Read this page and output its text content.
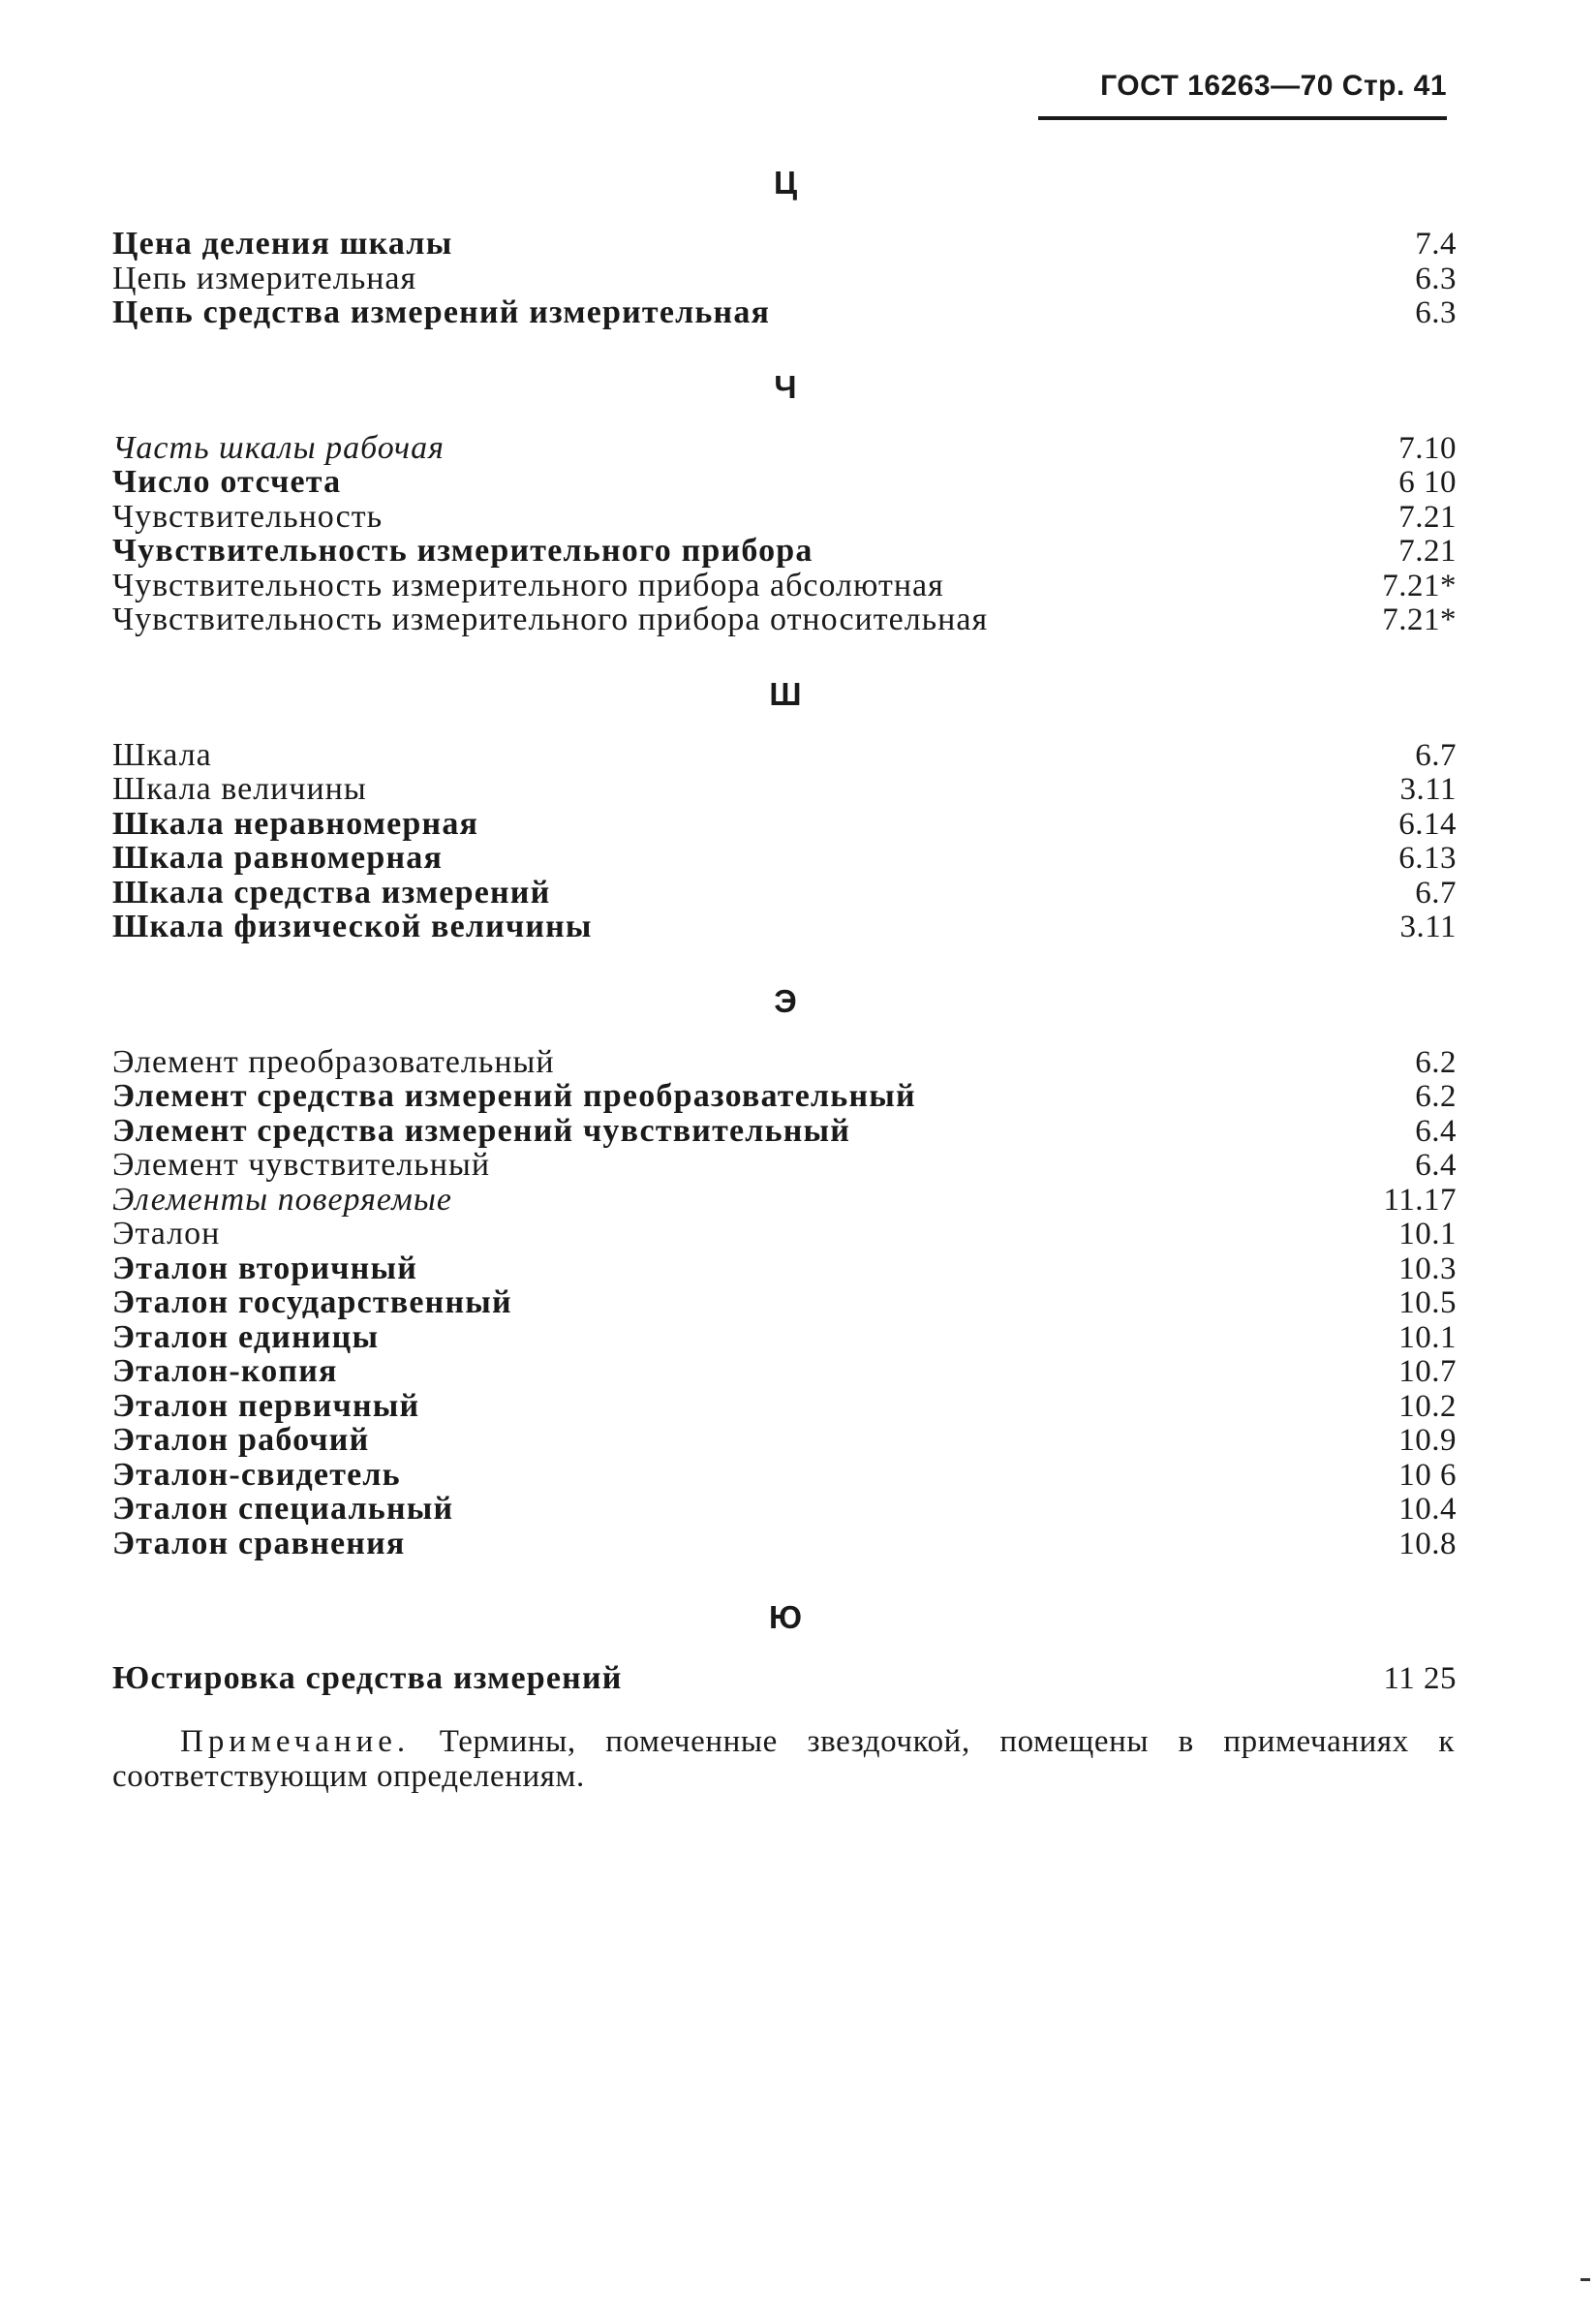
ГОСТ 16263—70 Стр. 41
Ц
Цена деления шкалы	7.4
Цепь измерительная	6.3
Цепь средства измерений измерительная	6.3
Ч
Часть шкалы рабочая	7.10
Число отсчета	6 10
Чувствительность	7.21
Чувствительность измерительного прибора	7.21
Чувствительность измерительного прибора абсолютная	7.21*
Чувствительность измерительного прибора относительная	7.21*
Ш
Шкала	6.7
Шкала величины	3.11
Шкала неравномерная	6.14
Шкала равномерная	6.13
Шкала средства измерений	6.7
Шкала физической величины	3.11
Э
Элемент преобразовательный	6.2
Элемент средства измерений преобразовательный	6.2
Элемент средства измерений чувствительный	6.4
Элемент чувствительный	6.4
Элементы поверяемые	11.17
Эталон	10.1
Эталон вторичный	10.3
Эталон государственный	10.5
Эталон единицы	10.1
Эталон-копия	10.7
Эталон первичный	10.2
Эталон рабочий	10.9
Эталон-свидетель	10 6
Эталон специальный	10.4
Эталон сравнения	10.8
Ю
Юстировка средства измерений	11 25
Примечание. Термины, помеченные звездочкой, помещены в примечаниях к соответствующим определениям.
